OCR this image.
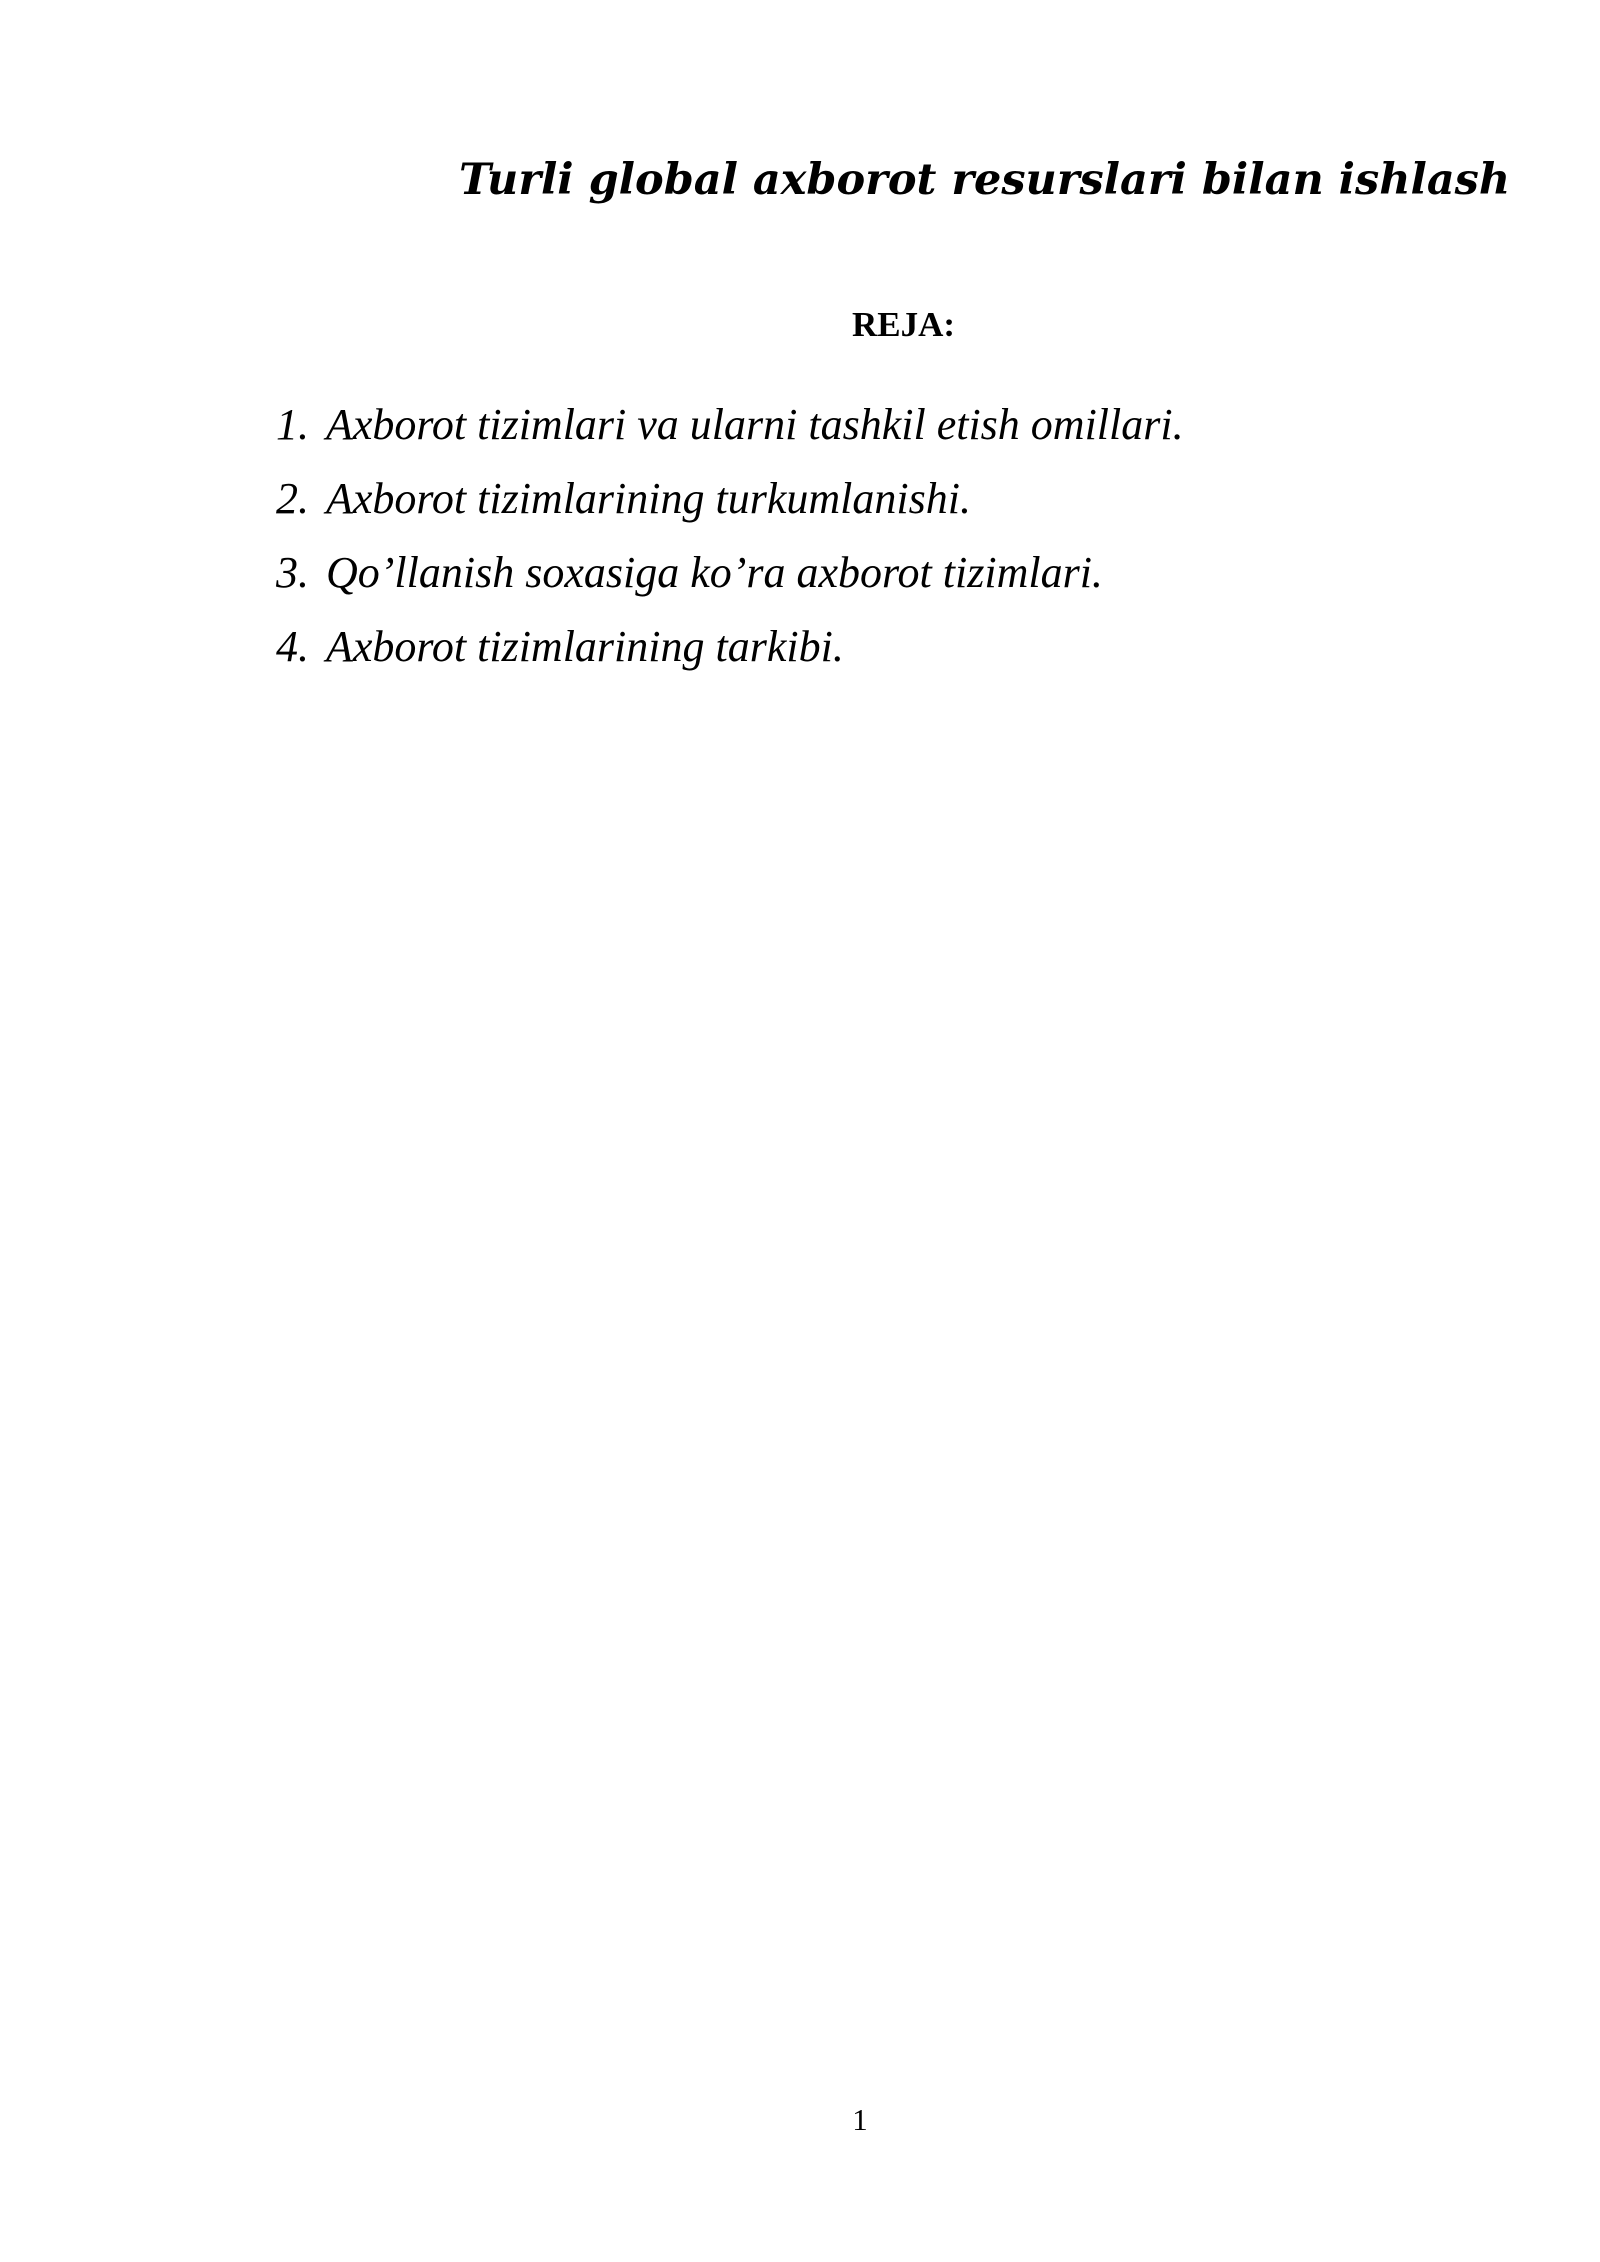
Turli global axborot resurslari bilan ishlash
REJA:
1. Axborot tizimlari va ularni tashkil etish omillari.
2. Axborot tizimlarining turkumlanishi.
3. Qo’llanish soxasiga ko’ra axborot tizimlari.
4. Axborot tizimlarining tarkibi.
1
